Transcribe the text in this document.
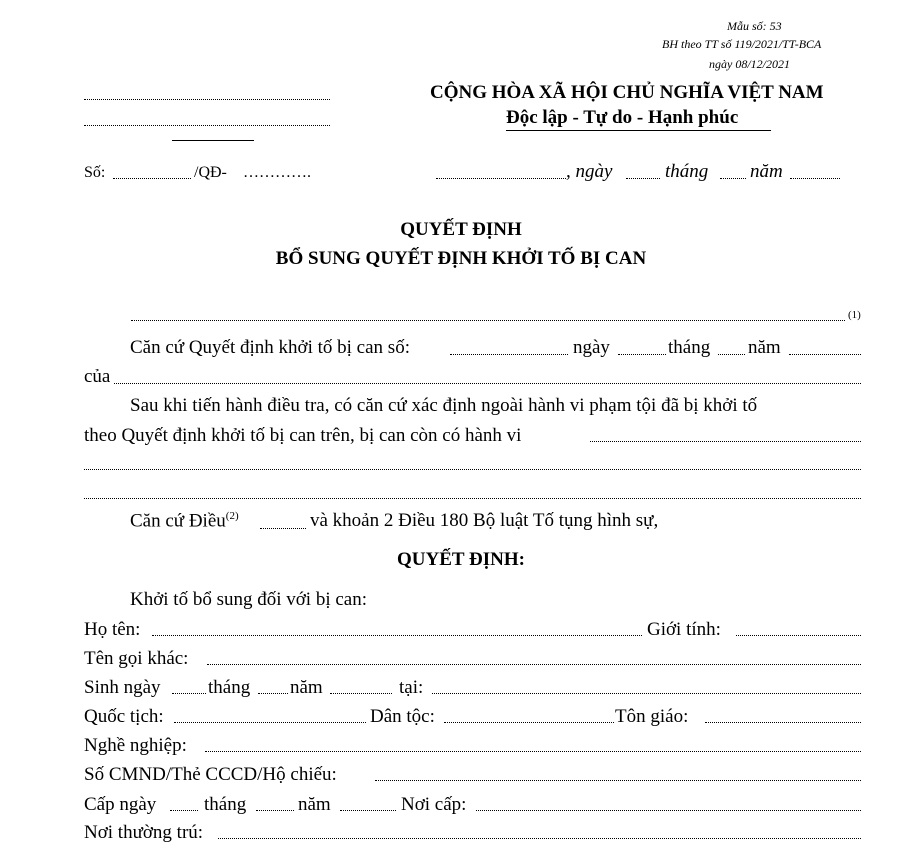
Mẫu số: 53
BH theo TT số 119/2021/TT-BCA
ngày 08/12/2021
CỘNG HÒA XÃ HỘI CHỦ NGHĨA VIỆT NAM
Độc lập - Tự do - Hạnh phúc
Số:	/QĐ- ………….	, ngày	tháng năm
QUYẾT ĐỊNH
BỔ SUNG QUYẾT ĐỊNH KHỞI TỐ BỊ CAN
(1)
Căn cứ Quyết định khởi tố bị can số:	ngày	tháng năm
của
Sau khi tiến hành điều tra, có căn cứ xác định ngoài hành vi phạm tội đã bị khởi tố
theo Quyết định khởi tố bị can trên, bị can còn có hành vi
Căn cứ Điều$^{(2)}$	và khoản 2 Điều 180 Bộ luật Tố tụng hình sự,
QUYẾT ĐỊNH:
Khởi tố bổ sung đối với bị can:
Họ tên:	Giới tính:
Tên gọi khác:
Sinh ngày tháng năm	tại:
Quốc tịch:	Dân tộc:	Tôn giáo:
Nghề nghiệp:
Số CMND/Thẻ CCCD/Hộ chiếu:
Cấp ngày	tháng	năm	Nơi cấp:
Nơi thường trú:
